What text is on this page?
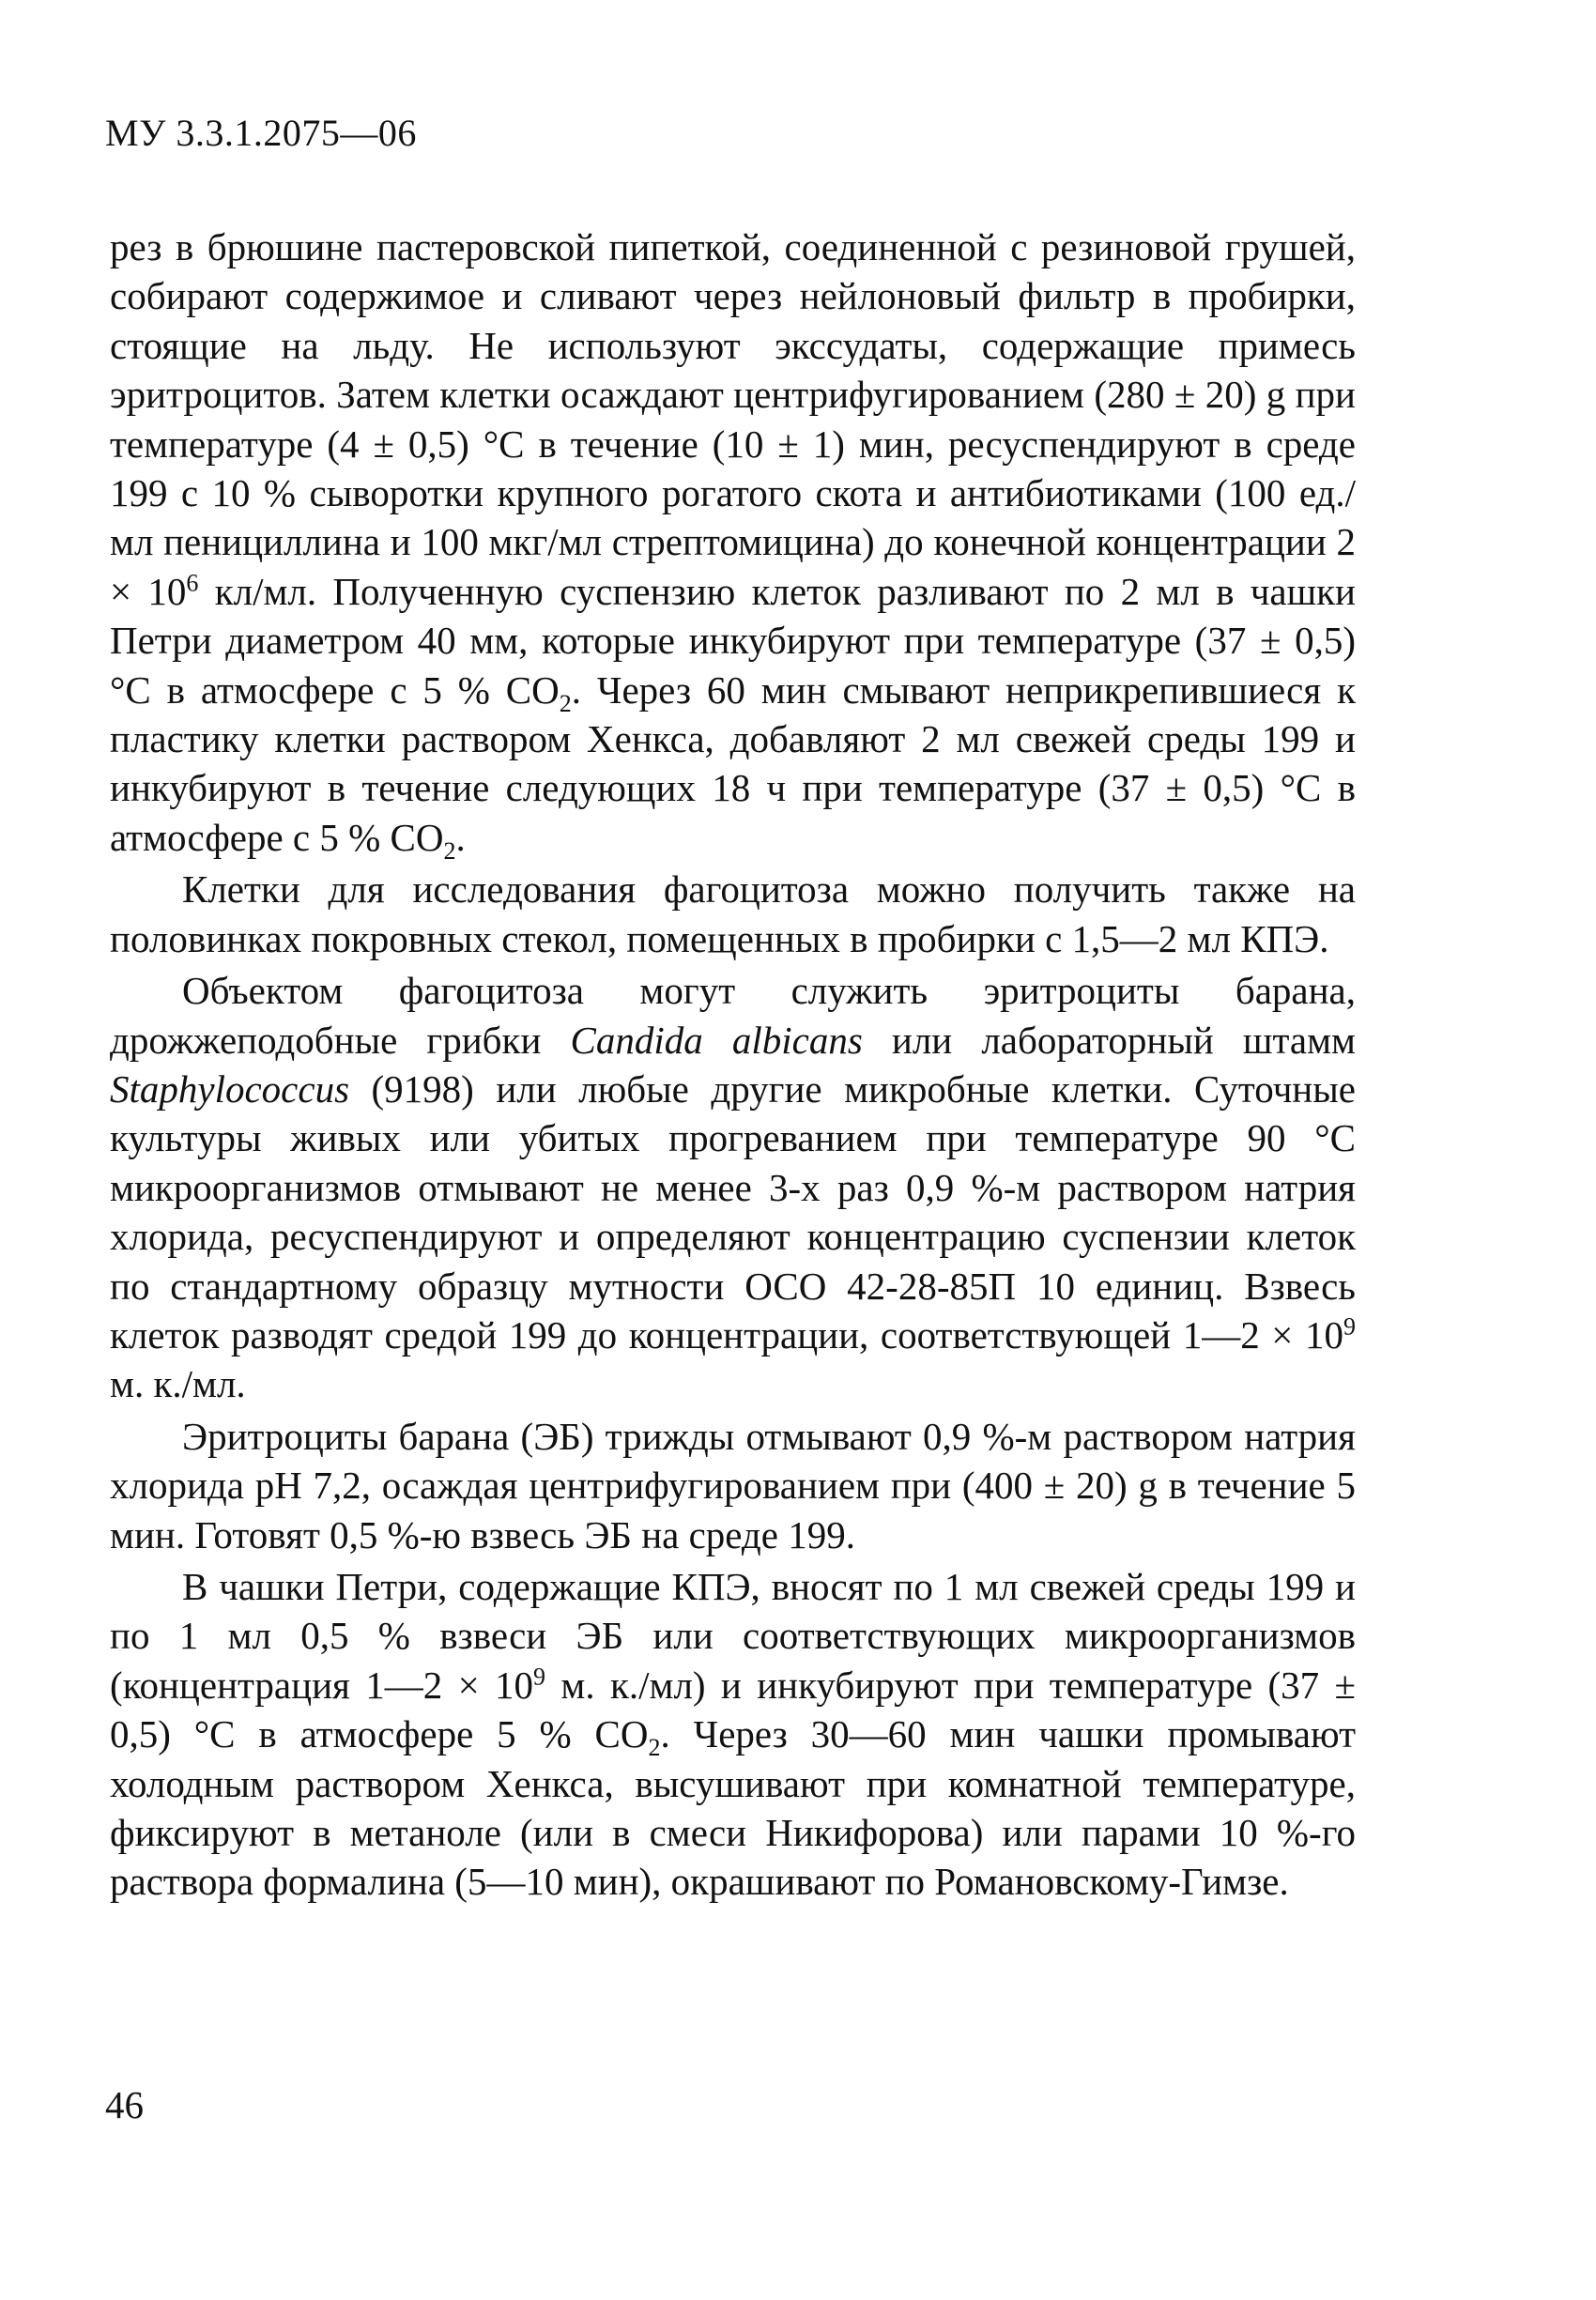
МУ 3.3.1.2075—06

рез в брюшине пастеровской пипеткой, соединенной с резиновой грушей, собирают содержимое и сливают через нейлоновый фильтр в пробирки, стоящие на льду. Не используют экссудаты, содержащие примесь эритроцитов. Затем клетки осаждают центрифугированием (280 ± 20) g при температуре (4 ± 0,5) °С в течение (10 ± 1) мин, ресуспендируют в среде 199 с 10 % сыворотки крупного рогатого скота и антибиотиками (100 ед./мл пенициллина и 100 мкг/мл стрептомицина) до конечной концентрации $2 \times 10^6$ кл/мл. Полученную суспензию клеток разливают по 2 мл в чашки Петри диаметром 40 мм, которые инкубируют при температуре (37 ± 0,5) °С в атмосфере с 5 % $СО_2$. Через 60 мин смывают неприкрепившиеся к пластику клетки раствором Хенкса, добавляют 2 мл свежей среды 199 и инкубируют в течение следующих 18 ч при температуре (37 ± 0,5) °С в атмосфере с 5 % $СО_2$.

Клетки для исследования фагоцитоза можно получить также на половинках покровных стекол, помещенных в пробирки с 1,5—2 мл КПЭ.

Объектом фагоцитоза могут служить эритроциты барана, дрожжеподобные грибки Candida albicans или лабораторный штамм Staphylococcus (9198) или любые другие микробные клетки. Суточные культуры живых или убитых прогреванием при температуре 90 °С микроорганизмов отмывают не менее 3-х раз 0,9 %-м раствором натрия хлорида, ресуспендируют и определяют концентрацию суспензии клеток по стандартному образцу мутности ОСО 42-28-85П 10 единиц. Взвесь клеток разводят средой 199 до концентрации, соответствующей 1—2 × $10^9$ м. к./мл.

Эритроциты барана (ЭБ) трижды отмывают 0,9 %-м раствором натрия хлорида рН 7,2, осаждая центрифугированием при (400 ± 20) g в течение 5 мин. Готовят 0,5 %-ю взвесь ЭБ на среде 199.

В чашки Петри, содержащие КПЭ, вносят по 1 мл свежей среды 199 и по 1 мл 0,5 % взвеси ЭБ или соответствующих микроорганизмов (концентрация 1—2 × $10^9$ м. к./мл) и инкубируют при температуре (37 ± 0,5) °С в атмосфере 5 % $СО_2$. Через 30—60 мин чашки промывают холодным раствором Хенкса, высушивают при комнатной температуре, фиксируют в метаноле (или в смеси Никифорова) или парами 10 %-го раствора формалина (5—10 мин), окрашивают по Романовскому-Гимзе.

46
